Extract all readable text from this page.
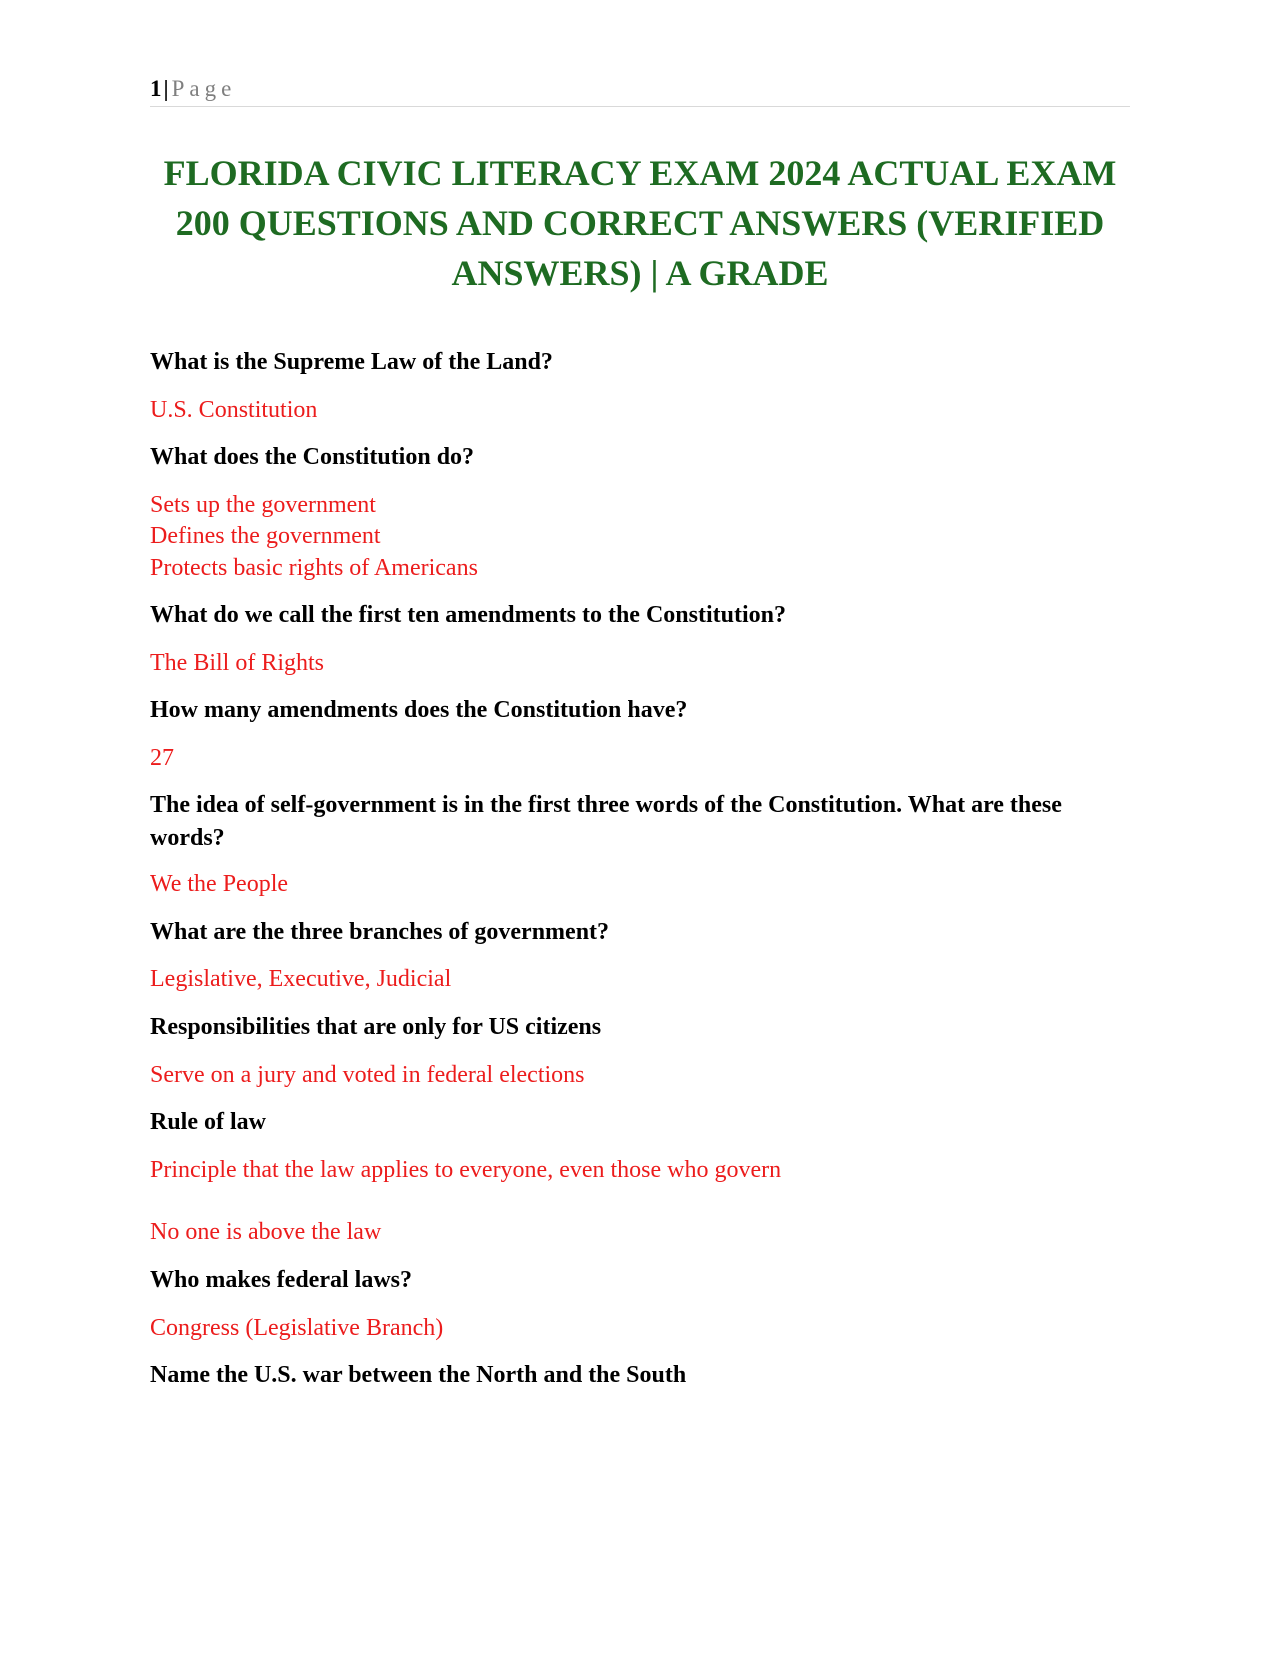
1| Page
FLORIDA CIVIC LITERACY EXAM 2024 ACTUAL EXAM 200 QUESTIONS AND CORRECT ANSWERS (VERIFIED ANSWERS) | A GRADE
What is the Supreme Law of the Land?
U.S. Constitution
What does the Constitution do?
Sets up the government
Defines the government
Protects basic rights of Americans
What do we call the first ten amendments to the Constitution?
The Bill of Rights
How many amendments does the Constitution have?
27
The idea of self-government is in the first three words of the Constitution. What are these words?
We the People
What are the three branches of government?
Legislative, Executive, Judicial
Responsibilities that are only for US citizens
Serve on a jury and voted in federal elections
Rule of law
Principle that the law applies to everyone, even those who govern
No one is above the law
Who makes federal laws?
Congress (Legislative Branch)
Name the U.S. war between the North and the South
